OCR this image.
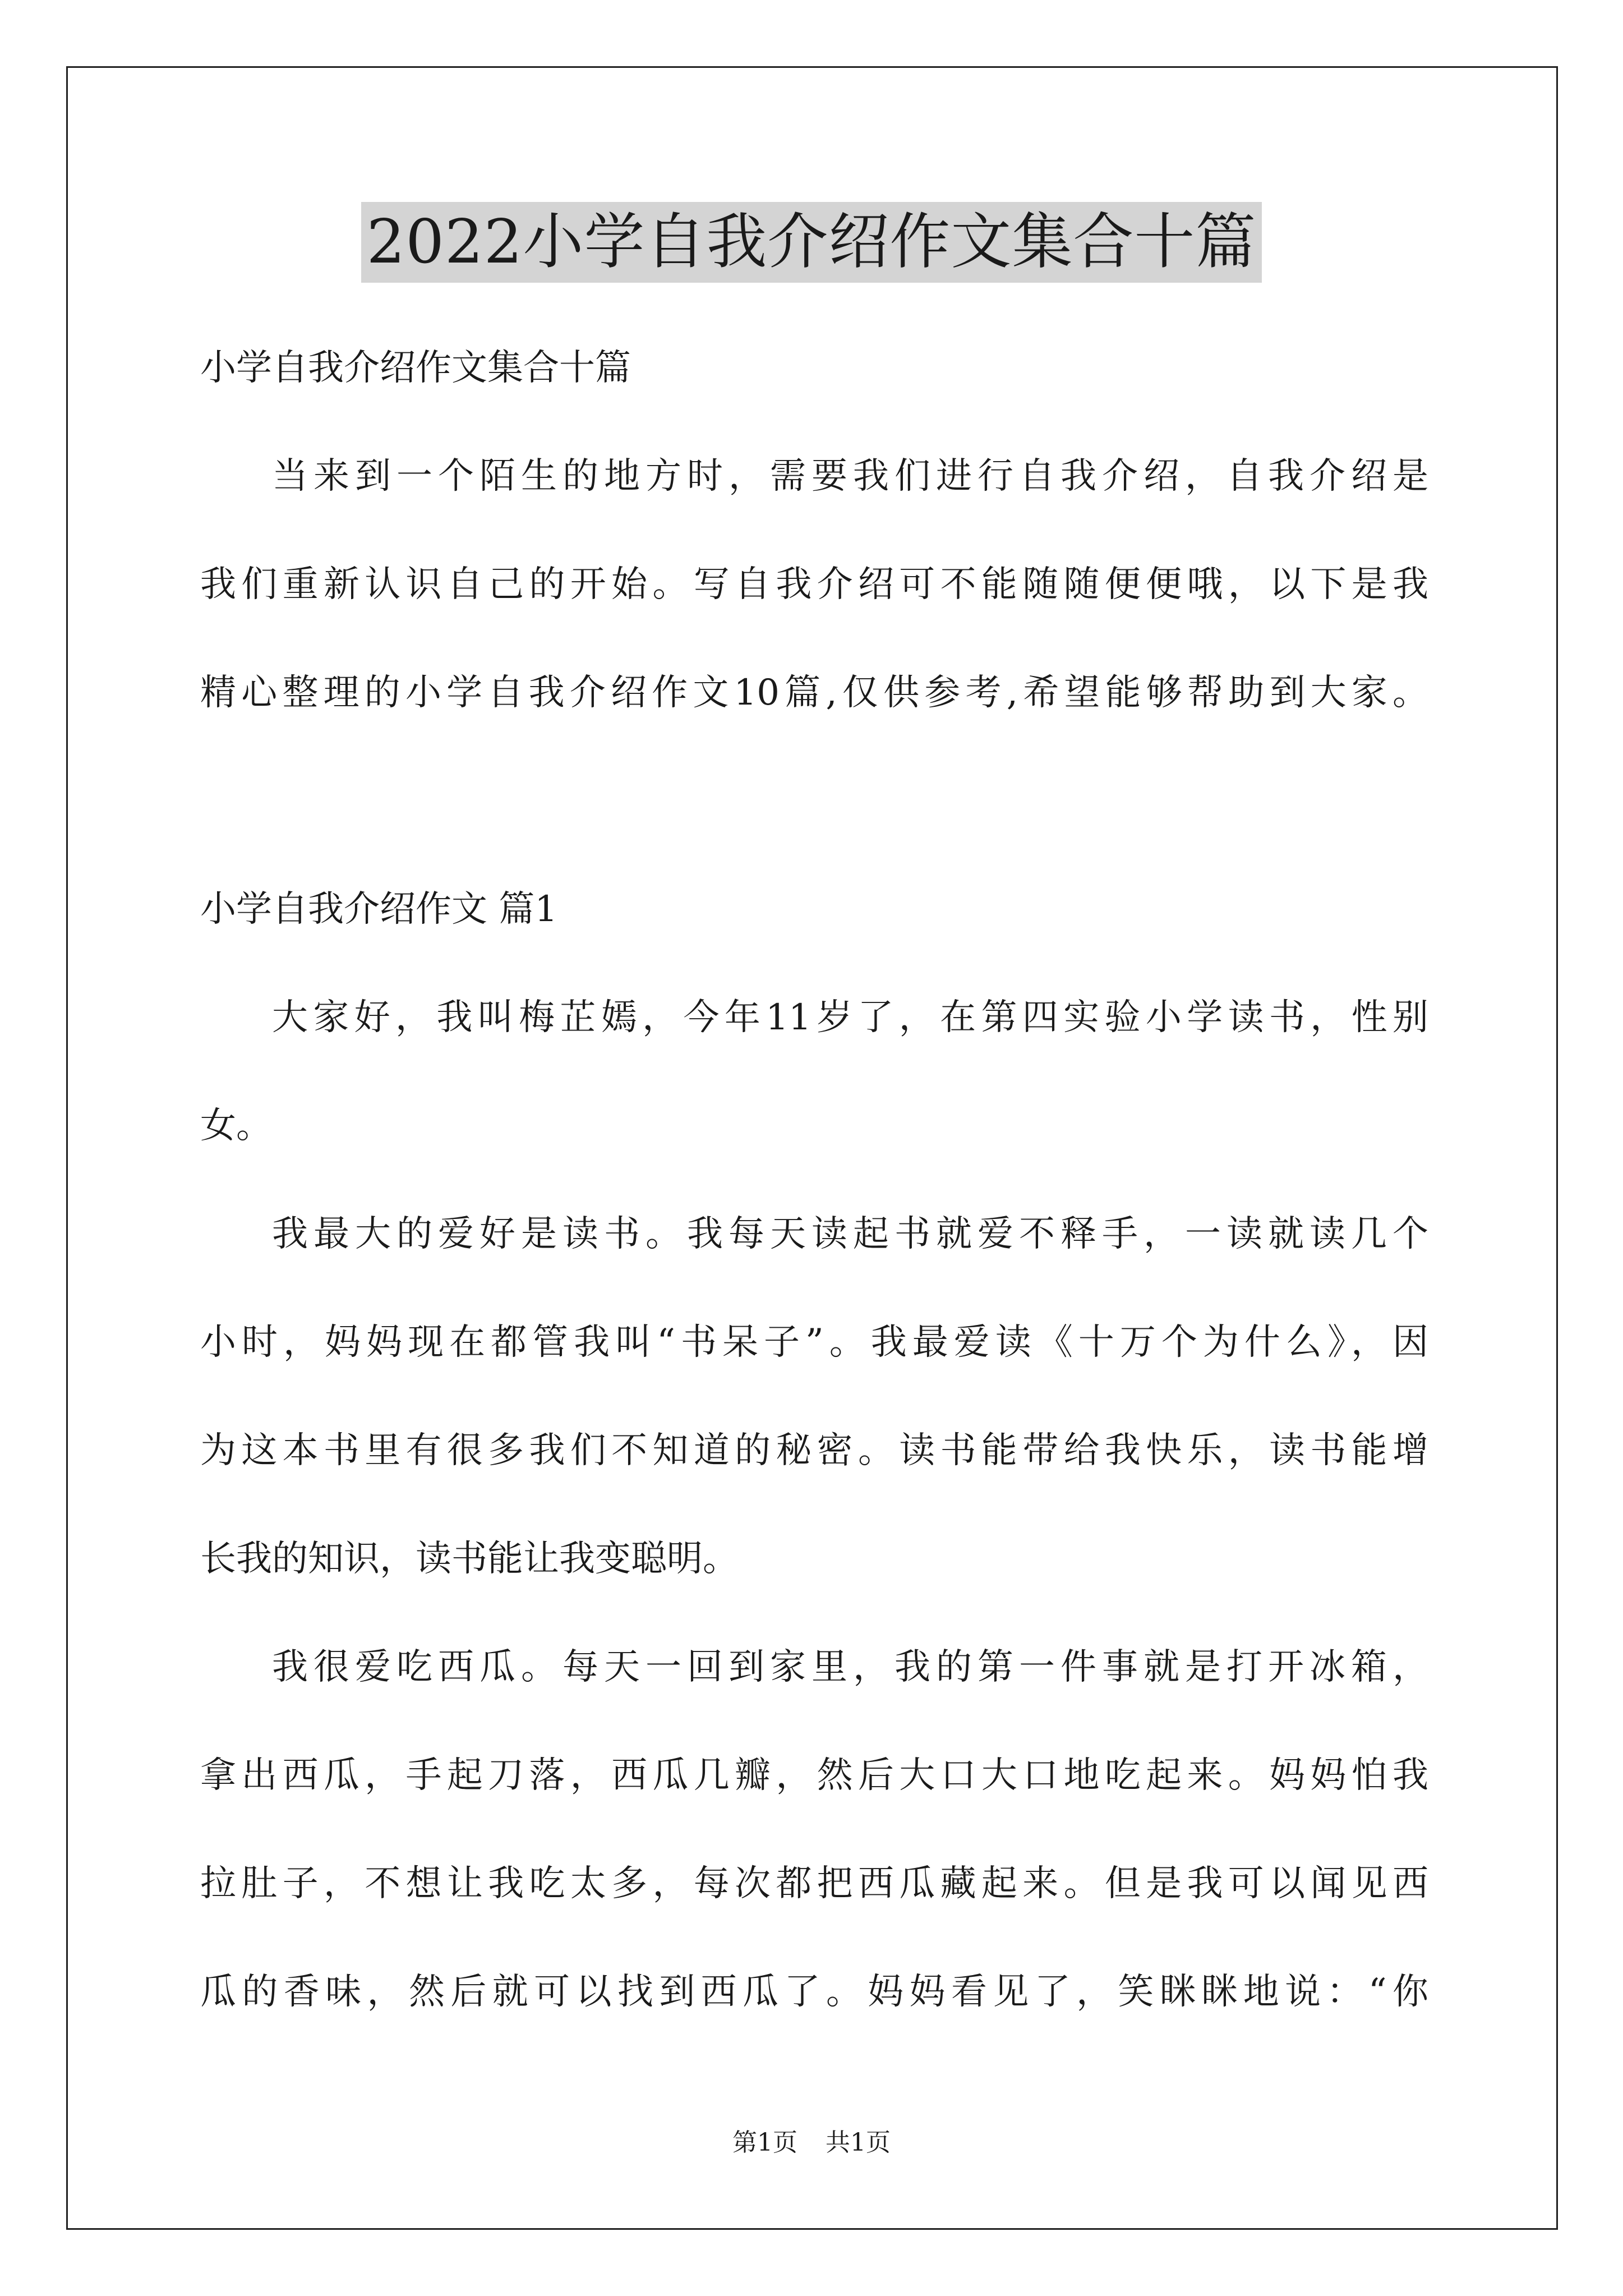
2022小学自我介绍作文集合十篇
小学自我介绍作文集合十篇
当来到一个陌生的地方时，需要我们进行自我介绍，自我介绍是
我们重新认识自己的开始。写自我介绍可不能随随便便哦，以下是我
精心整理的小学自我介绍作文10篇,仅供参考,希望能够帮助到大家。
小学自我介绍作文 篇1
大家好，我叫梅芷嫣，今年11岁了，在第四实验小学读书，性别
女。
我最大的爱好是读书。我每天读起书就爱不释手，一读就读几个
小时，妈妈现在都管我叫“书呆子”。我最爱读《十万个为什么》，因
为这本书里有很多我们不知道的秘密。读书能带给我快乐，读书能增
长我的知识，读书能让我变聪明。
我很爱吃西瓜。每天一回到家里，我的第一件事就是打开冰箱，
拿出西瓜，手起刀落，西瓜几瓣，然后大口大口地吃起来。妈妈怕我
拉肚子，不想让我吃太多，每次都把西瓜藏起来。但是我可以闻见西
瓜的香味，然后就可以找到西瓜了。妈妈看见了，笑眯眯地说：“你
第1页 共1页
